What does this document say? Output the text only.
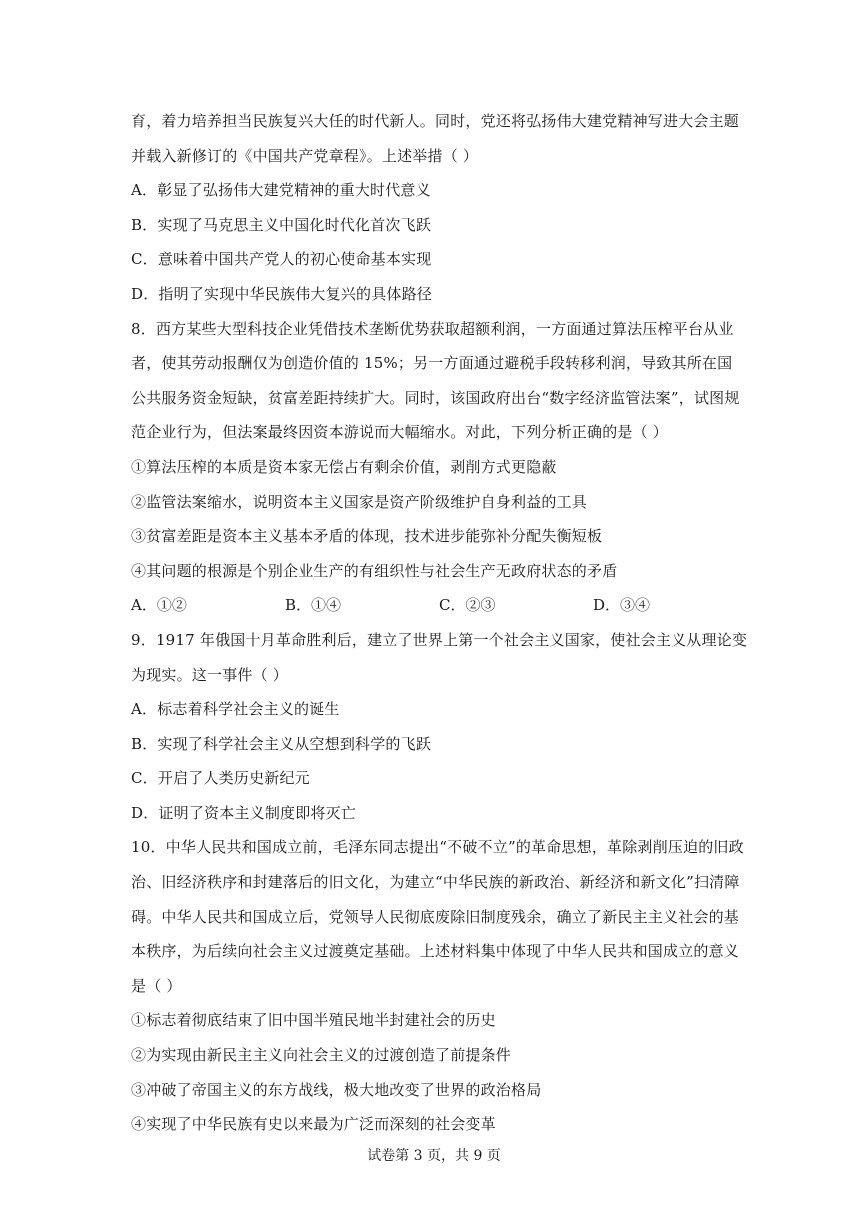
育，着力培养担当民族复兴大任的时代新人。同时，党还将弘扬伟大建党精神写进大会主题
并载入新修订的《中国共产党章程》。上述举措（ ）
A．彰显了弘扬伟大建党精神的重大时代意义
B．实现了马克思主义中国化时代化首次飞跃
C．意味着中国共产党人的初心使命基本实现
D．指明了实现中华民族伟大复兴的具体路径
8．西方某些大型科技企业凭借技术垄断优势获取超额利润，一方面通过算法压榨平台从业
者，使其劳动报酬仅为创造价值的 15%；另一方面通过避税手段转移利润，导致其所在国
公共服务资金短缺，贫富差距持续扩大。同时，该国政府出台“数字经济监管法案”，试图规
范企业行为，但法案最终因资本游说而大幅缩水。对此，下列分析正确的是（ ）
①算法压榨的本质是资本家无偿占有剩余价值，剥削方式更隐蔽
②监管法案缩水，说明资本主义国家是资产阶级维护自身利益的工具
③贫富差距是资本主义基本矛盾的体现，技术进步能弥补分配失衡短板
④其问题的根源是个别企业生产的有组织性与社会生产无政府状态的矛盾
A．①②	B．①④	C．②③	D．③④
9．1917 年俄国十月革命胜利后，建立了世界上第一个社会主义国家，使社会主义从理论变
为现实。这一事件（ ）
A．标志着科学社会主义的诞生
B．实现了科学社会主义从空想到科学的飞跃
C．开启了人类历史新纪元
D．证明了资本主义制度即将灭亡
10．中华人民共和国成立前，毛泽东同志提出“不破不立”的革命思想，革除剥削压迫的旧政
治、旧经济秩序和封建落后的旧文化，为建立“中华民族的新政治、新经济和新文化”扫清障
碍。中华人民共和国成立后，党领导人民彻底废除旧制度残余，确立了新民主主义社会的基
本秩序，为后续向社会主义过渡奠定基础。上述材料集中体现了中华人民共和国成立的意义
是（ ）
①标志着彻底结束了旧中国半殖民地半封建社会的历史
②为实现由新民主主义向社会主义的过渡创造了前提条件
③冲破了帝国主义的东方战线，极大地改变了世界的政治格局
④实现了中华民族有史以来最为广泛而深刻的社会变革
试卷第 3 页，共 9 页
